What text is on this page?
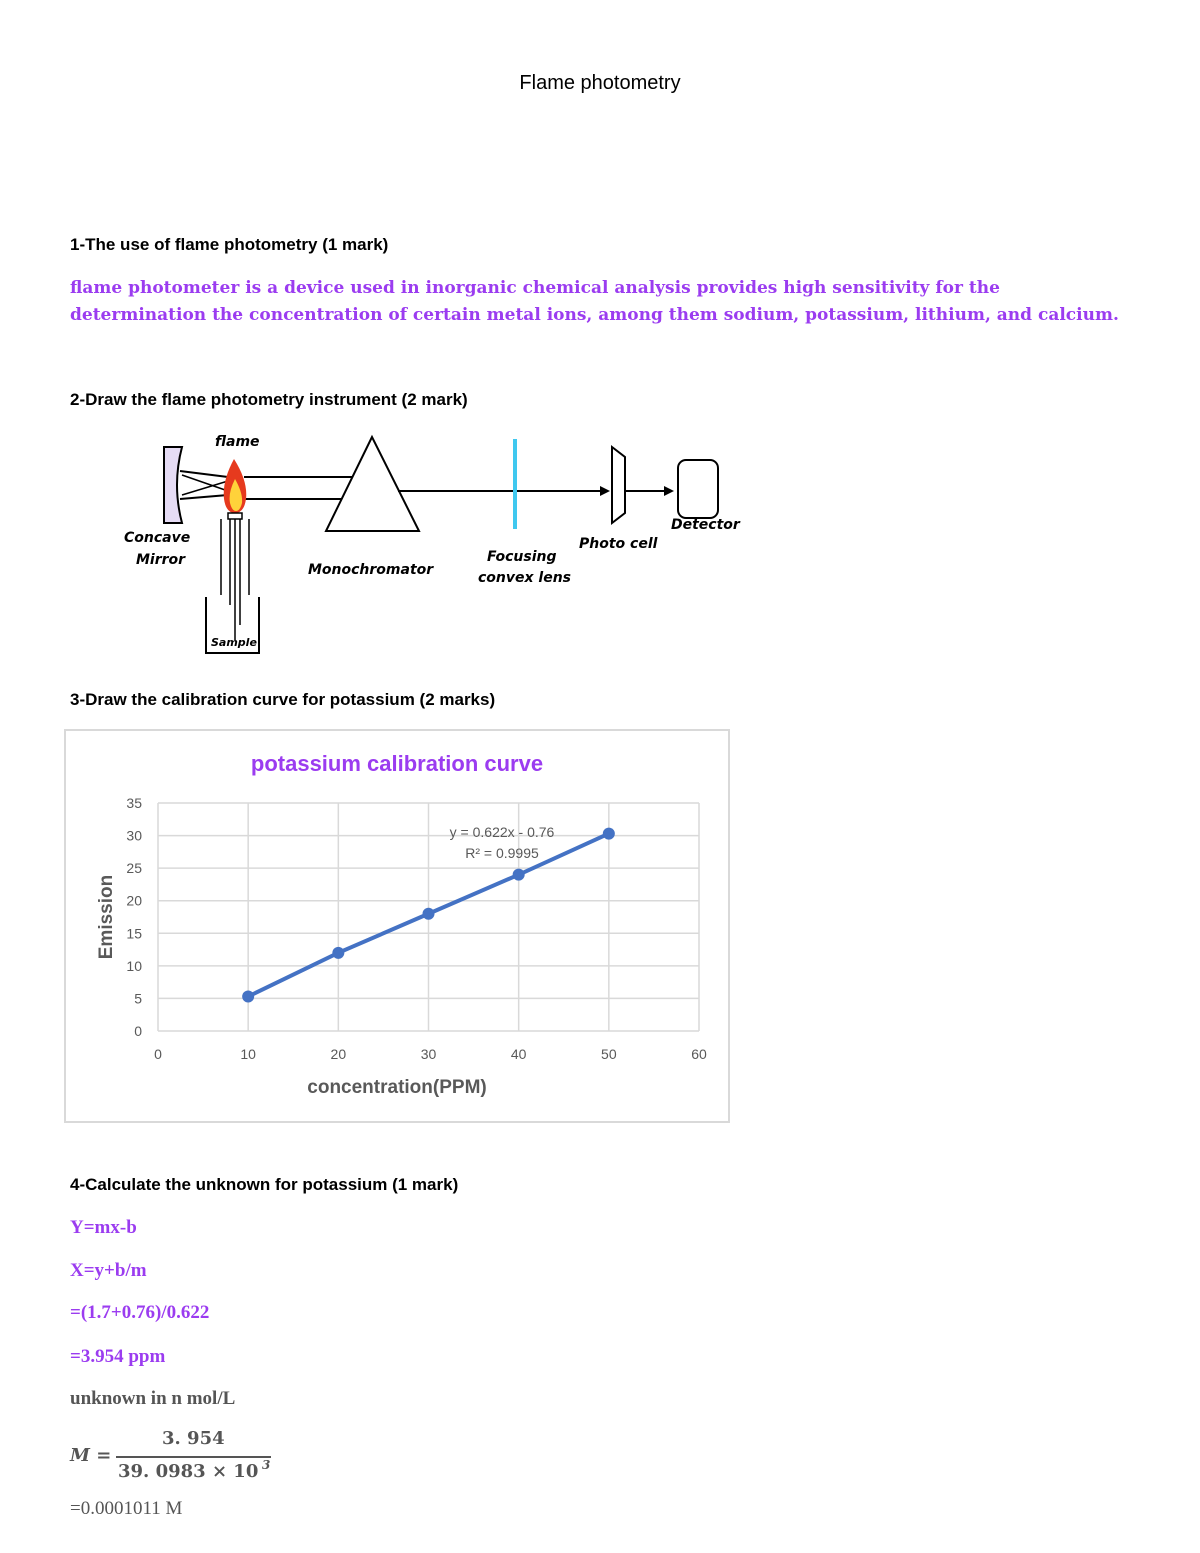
Flame photometry
1-The use of flame photometry (1 mark)
flame photometer is a device used in inorganic chemical analysis provides high sensitivity for the determination the concentration of certain metal ions, among them sodium, potassium, lithium, and calcium.
2-Draw the flame photometry instrument (2 mark)
flame
Concave
Mirror
Monochromator
Focusing
convex lens
Photo cell
Detector
Sample
3-Draw the calibration curve for potassium (2 marks)
0
5
10
15
20
25
30
35
0	10	20	30	40	50	60
potassium calibration curve
concentration(PPM)
Emission
y = 0.622x - 0.76
R² = 0.9995
4-Calculate the unknown for potassium (1 mark)
Y=mx-b
X=y+b/m
=(1.7+0.76)/0.622
=3.954 ppm
unknown in n mol/L
M =
3. 954
39. 0983 × 10 3
=0.0001011 M
